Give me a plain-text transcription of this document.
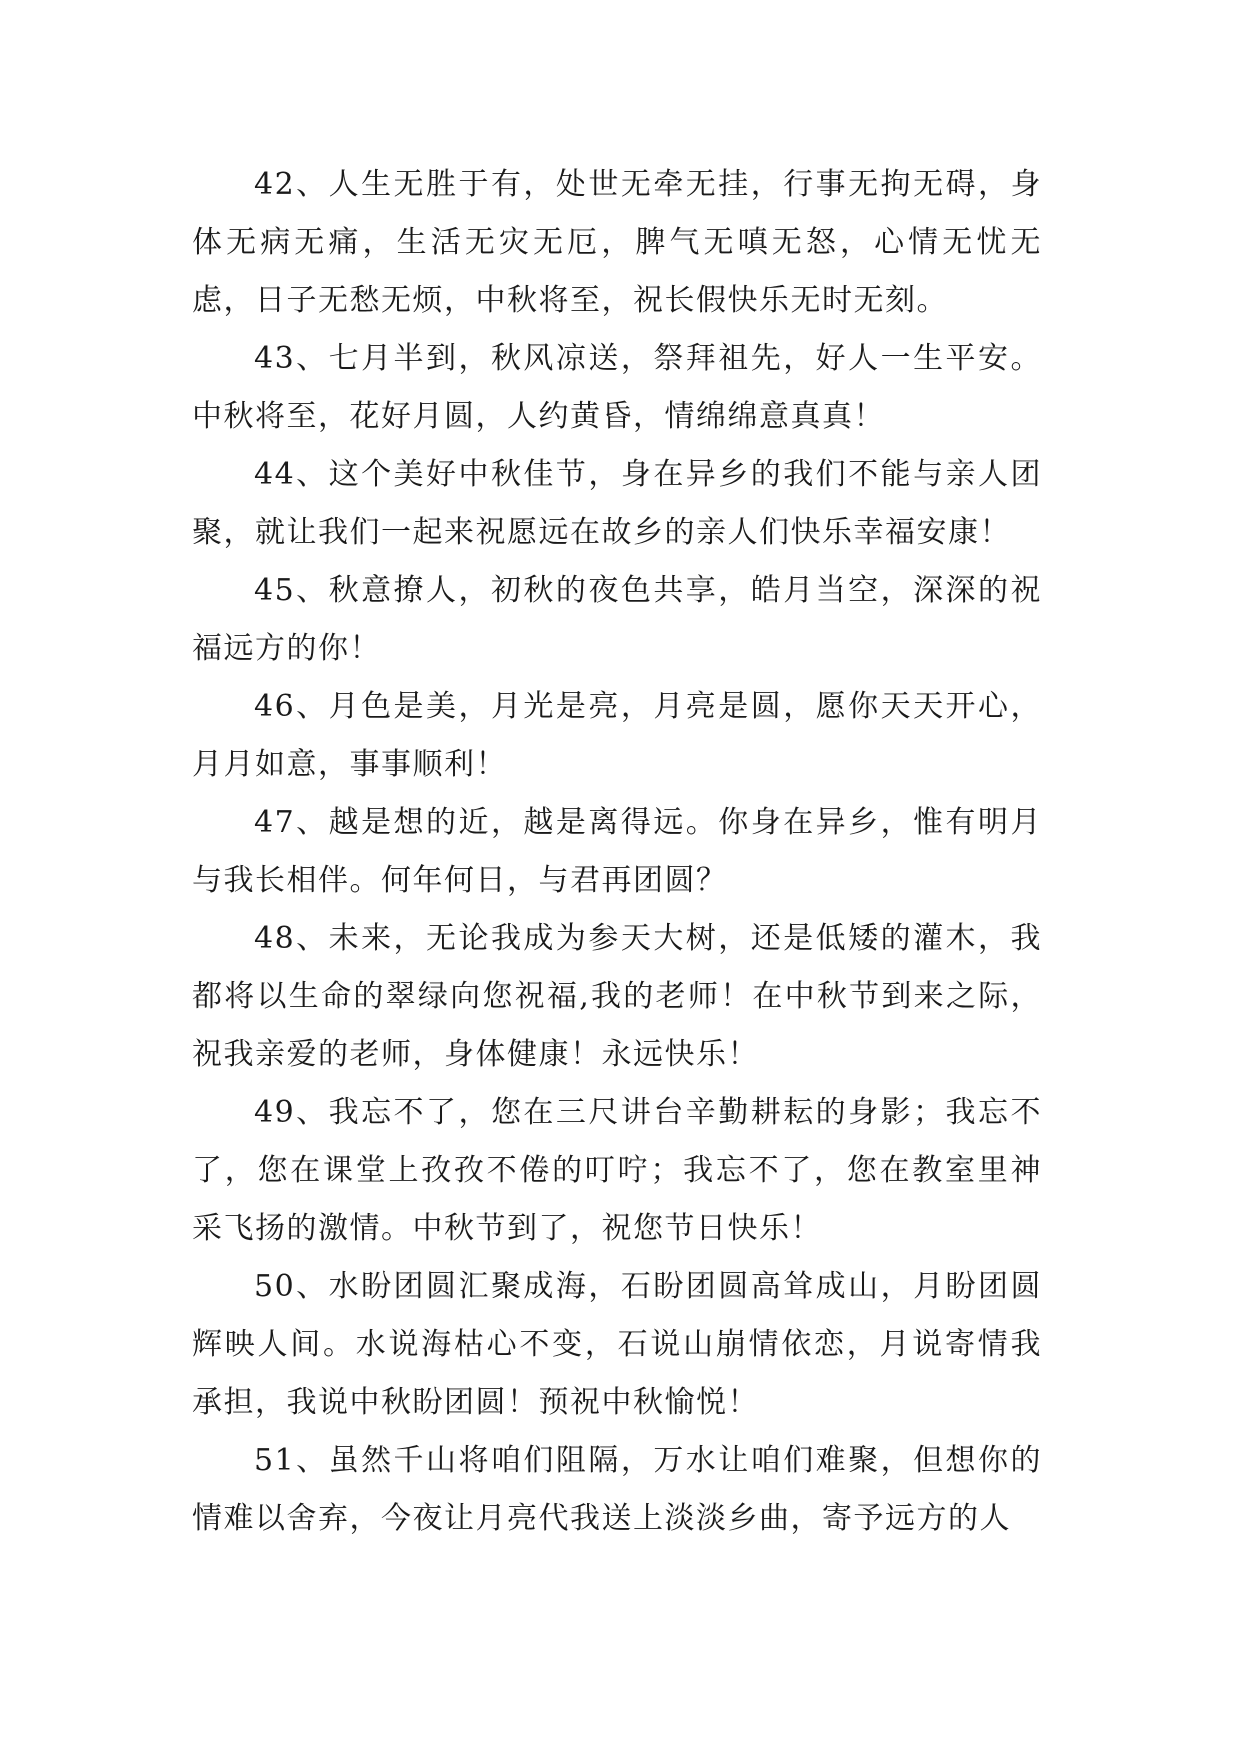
42、人生无胜于有，处世无牵无挂，行事无拘无碍，身体无病无痛，生活无灾无厄，脾气无嗔无怒，心情无忧无虑，日子无愁无烦，中秋将至，祝长假快乐无时无刻。

43、七月半到，秋风凉送，祭拜祖先，好人一生平安。中秋将至，花好月圆，人约黄昏，情绵绵意真真！

44、这个美好中秋佳节，身在异乡的我们不能与亲人团聚，就让我们一起来祝愿远在故乡的亲人们快乐幸福安康！

45、秋意撩人，初秋的夜色共享，皓月当空，深深的祝福远方的你！

46、月色是美，月光是亮，月亮是圆，愿你天天开心，月月如意，事事顺利！

47、越是想的近，越是离得远。你身在异乡，惟有明月与我长相伴。何年何日，与君再团圆？

48、未来，无论我成为参天大树，还是低矮的灌木，我都将以生命的翠绿向您祝福,我的老师！在中秋节到来之际，祝我亲爱的老师，身体健康！永远快乐！

49、我忘不了，您在三尺讲台辛勤耕耘的身影；我忘不了，您在课堂上孜孜不倦的叮咛；我忘不了，您在教室里神采飞扬的激情。中秋节到了，祝您节日快乐！

50、水盼团圆汇聚成海，石盼团圆高耸成山，月盼团圆辉映人间。水说海枯心不变，石说山崩情依恋，月说寄情我承担，我说中秋盼团圆！预祝中秋愉悦！

51、虽然千山将咱们阻隔，万水让咱们难聚，但想你的情难以舍弃，今夜让月亮代我送上淡淡乡曲，寄予远方的人
